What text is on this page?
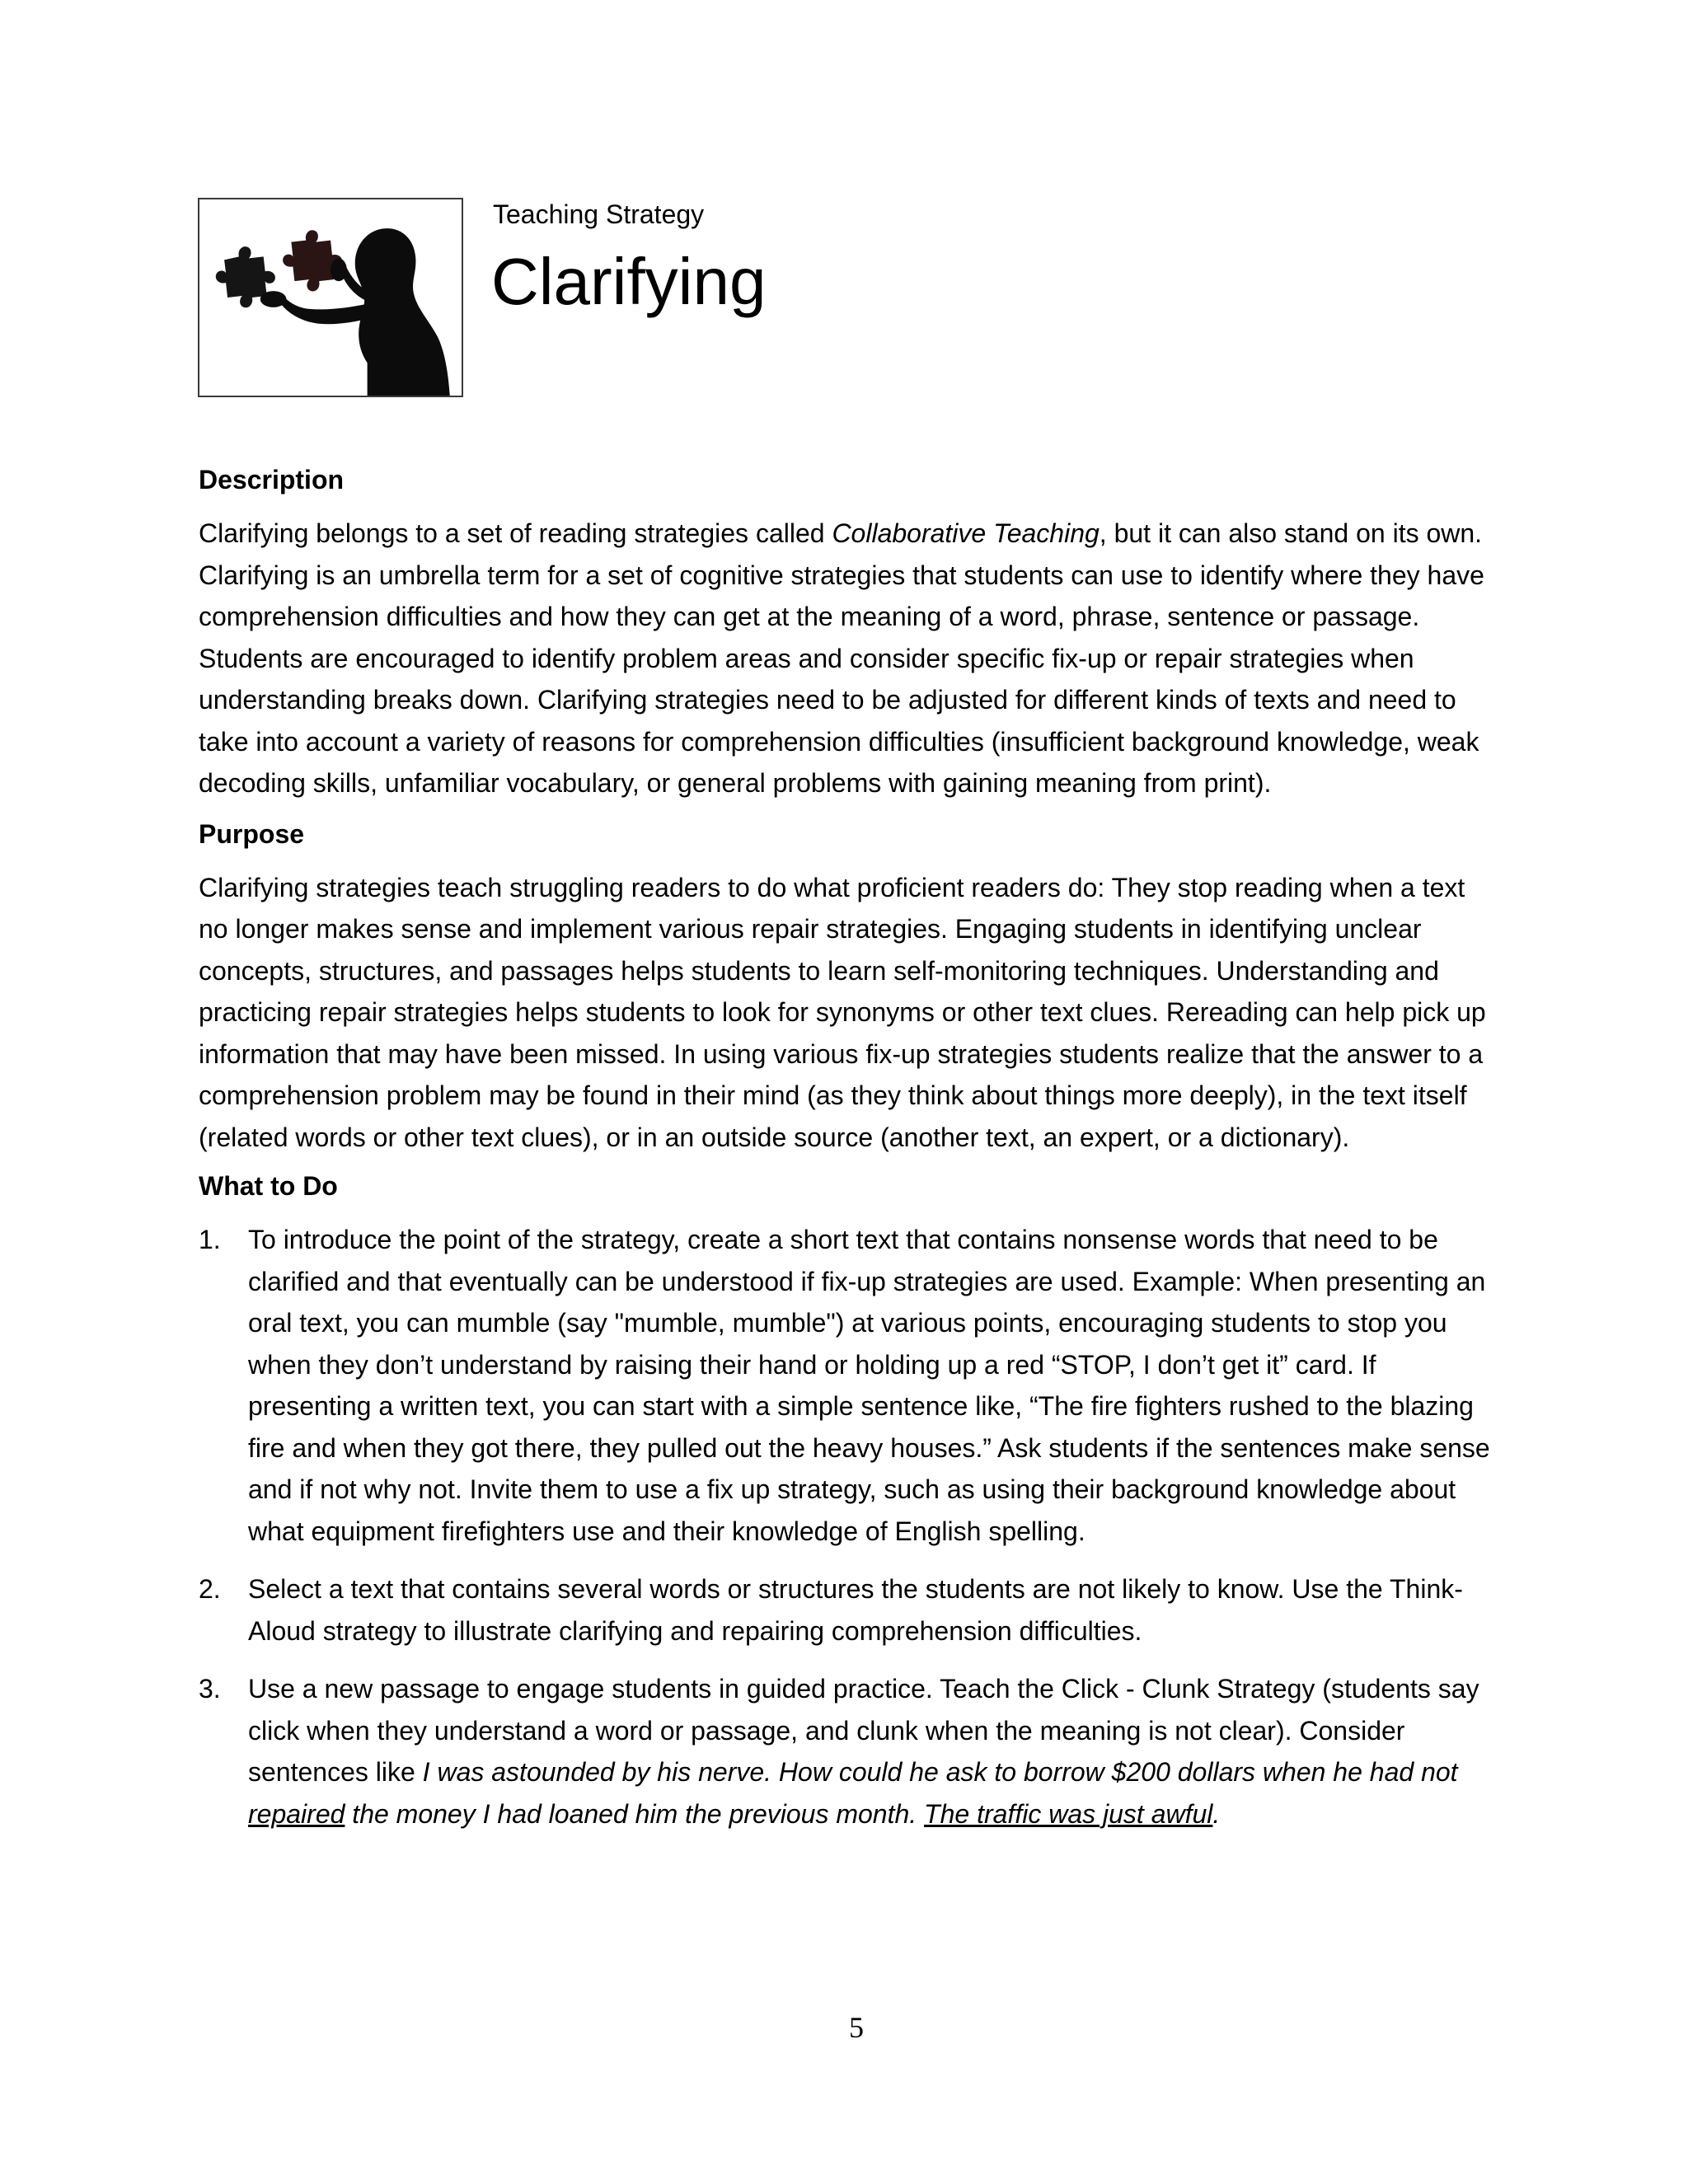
Teaching Strategy
Clarifying

Description

Clarifying belongs to a set of reading strategies called Collaborative Teaching, but it can also stand on its own. Clarifying is an umbrella term for a set of cognitive strategies that students can use to identify where they have comprehension difficulties and how they can get at the meaning of a word, phrase, sentence or passage. Students are encouraged to identify problem areas and consider specific fix-up or repair strategies when understanding breaks down. Clarifying strategies need to be adjusted for different kinds of texts and need to take into account a variety of reasons for comprehension difficulties (insufficient background knowledge, weak decoding skills, unfamiliar vocabulary, or general problems with gaining meaning from print).

Purpose

Clarifying strategies teach struggling readers to do what proficient readers do: They stop reading when a text no longer makes sense and implement various repair strategies. Engaging students in identifying unclear concepts, structures, and passages helps students to learn self-monitoring techniques. Understanding and practicing repair strategies helps students to look for synonyms or other text clues. Rereading can help pick up information that may have been missed. In using various fix-up strategies students realize that the answer to a comprehension problem may be found in their mind (as they think about things more deeply), in the text itself (related words or other text clues), or in an outside source (another text, an expert, or a dictionary).

What to Do

1. To introduce the point of the strategy, create a short text that contains nonsense words that need to be clarified and that eventually can be understood if fix-up strategies are used. Example: When presenting an oral text, you can mumble (say "mumble, mumble") at various points, encouraging students to stop you when they don’t understand by raising their hand or holding up a red “STOP, I don’t get it” card. If presenting a written text, you can start with a simple sentence like, “The fire fighters rushed to the blazing fire and when they got there, they pulled out the heavy houses.” Ask students if the sentences make sense and if not why not. Invite them to use a fix up strategy, such as using their background knowledge about what equipment firefighters use and their knowledge of English spelling.
2. Select a text that contains several words or structures the students are not likely to know. Use the Think-Aloud strategy to illustrate clarifying and repairing comprehension difficulties.
3. Use a new passage to engage students in guided practice. Teach the Click - Clunk Strategy (students say click when they understand a word or passage, and clunk when the meaning is not clear). Consider sentences like I was astounded by his nerve. How could he ask to borrow $200 dollars when he had not repaired the money I had loaned him the previous month. The traffic was just awful.
5
